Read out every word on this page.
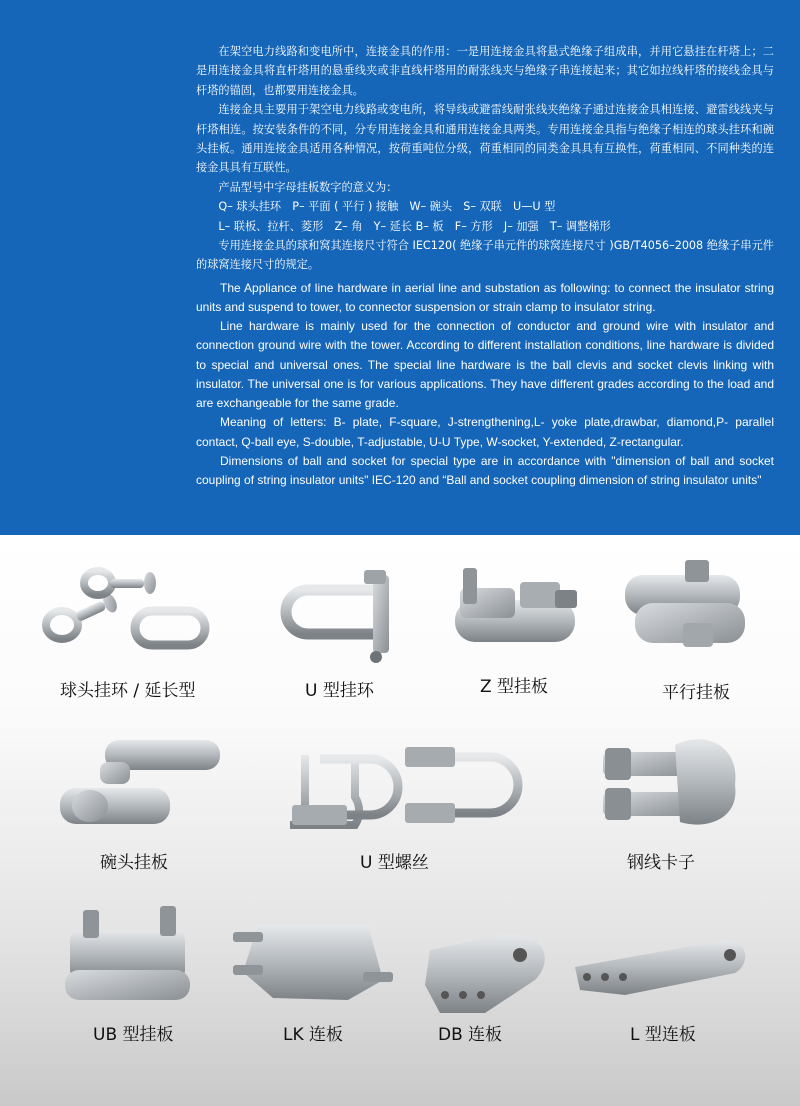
在架空电力线路和变电所中，连接金具的作用：一是用连接金具将悬式绝缘子组成串，并用它悬挂在杆塔上；二是用连接金具将直杆塔用的悬垂线夹或非直线杆塔用的耐张线夹与绝缘子串连接起来；其它如拉线杆塔的接线金具与杆塔的锚固，也都要用连接金具。

连接金具主要用于架空电力线路或变电所，将导线或避雷线耐张线夹绝缘子通过连接金具相连接、避雷线线夹与杆塔相连。按安装条件的不同，分专用连接金具和通用连接金具两类。专用连接金具指与绝缘子相连的球头挂环和碗头挂板。通用连接金具适用各种情况，按荷重吨位分级，荷重相同的同类金具具有互换性，荷重相同、不同种类的连接金具具有互联性。

产品型号中字母挂板数字的意义为：

Q– 球头挂环　P– 平面 ( 平行 ) 接触　W– 碗头　S– 双联　U—U 型

L– 联板、拉杆、菱形　Z– 角　Y– 延长 B– 板　F– 方形　J– 加强　T– 调整梯形

专用连接金具的球和窝其连接尺寸符合 IEC120( 绝缘子串元件的球窝连接尺寸 )GB/T4056–2008 绝缘子串元件的球窝连接尺寸的规定。

The Appliance of line hardware in aerial line and substation as following: to connect the insulator string units and suspend to tower, to connector suspension or strain clamp to insulator string.

Line hardware is mainly used for the connection of conductor and ground wire with insulator and connection ground wire with the tower. According to different installation conditions, line hardware is divided to special and universal ones. The special line hardware is the ball clevis and socket clevis linking with insulator. The universal one is for various applications. They have different grades according to the load and are exchangeable for the same grade.

Meaning of letters: B- plate, F-square, J-strengthening,L- yoke plate,drawbar, diamond,P- parallel contact, Q-ball eye, S-double, T-adjustable, U-U Type, W-socket, Y-extended, Z-rectangular.

Dimensions of ball and socket for special type are in accordance with "dimension of ball and socket coupling of string insulator units" IEC-120 and “Ball and socket coupling dimension of string insulator units"

球头挂环 / 延长型	U 型挂环	Z 型挂板	平行挂板
碗头挂板	U 型螺丝	钢线卡子
UB 型挂板	LK 连板	DB 连板	L 型连板
